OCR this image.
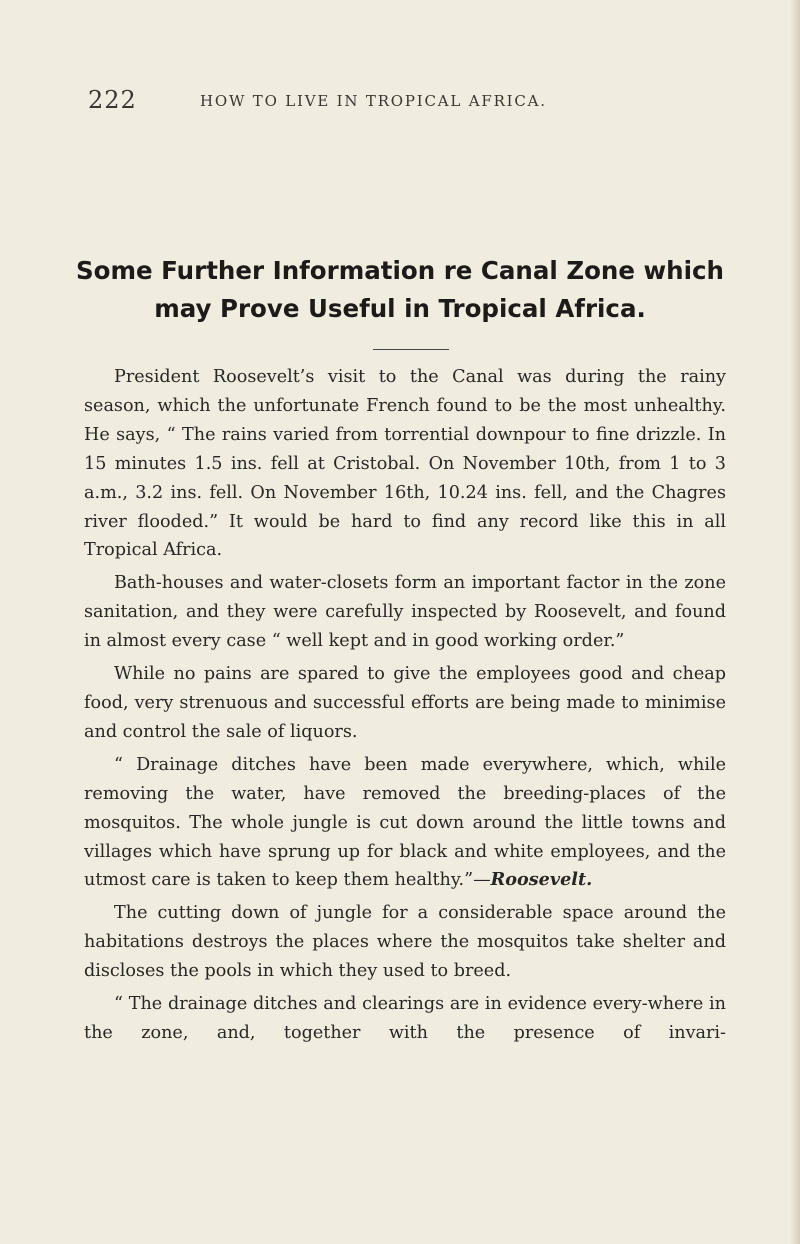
222	HOW TO LIVE IN TROPICAL AFRICA.
Some Further Information re Canal Zone which
may Prove Useful in Tropical Africa.

President Roosevelt’s visit to the Canal was during the rainy season, which the unfortunate French found to be the most unhealthy. He says, “ The rains varied from torrential downpour to fine drizzle. In 15 minutes 1.5 ins. fell at Cristobal. On November 10th, from 1 to 3 a.m., 3.2 ins. fell. On November 16th, 10.24 ins. fell, and the Chagres river flooded.” It would be hard to find any record like this in all Tropical Africa.

Bath-houses and water-closets form an important factor in the zone sanitation, and they were carefully inspected by Roosevelt, and found in almost every case “ well kept and in good working order.”

While no pains are spared to give the employees good and cheap food, very strenuous and successful efforts are being made to minimise and control the sale of liquors.

“ Drainage ditches have been made everywhere, which, while removing the water, have removed the breeding-places of the mosquitos. The whole jungle is cut down around the little towns and villages which have sprung up for black and white employees, and the utmost care is taken to keep them healthy.”—Roosevelt.

The cutting down of jungle for a considerable space around the habitations destroys the places where the mosquitos take shelter and discloses the pools in which they used to breed.

“ The drainage ditches and clearings are in evidence every-where in the zone, and, together with the presence of invari-
